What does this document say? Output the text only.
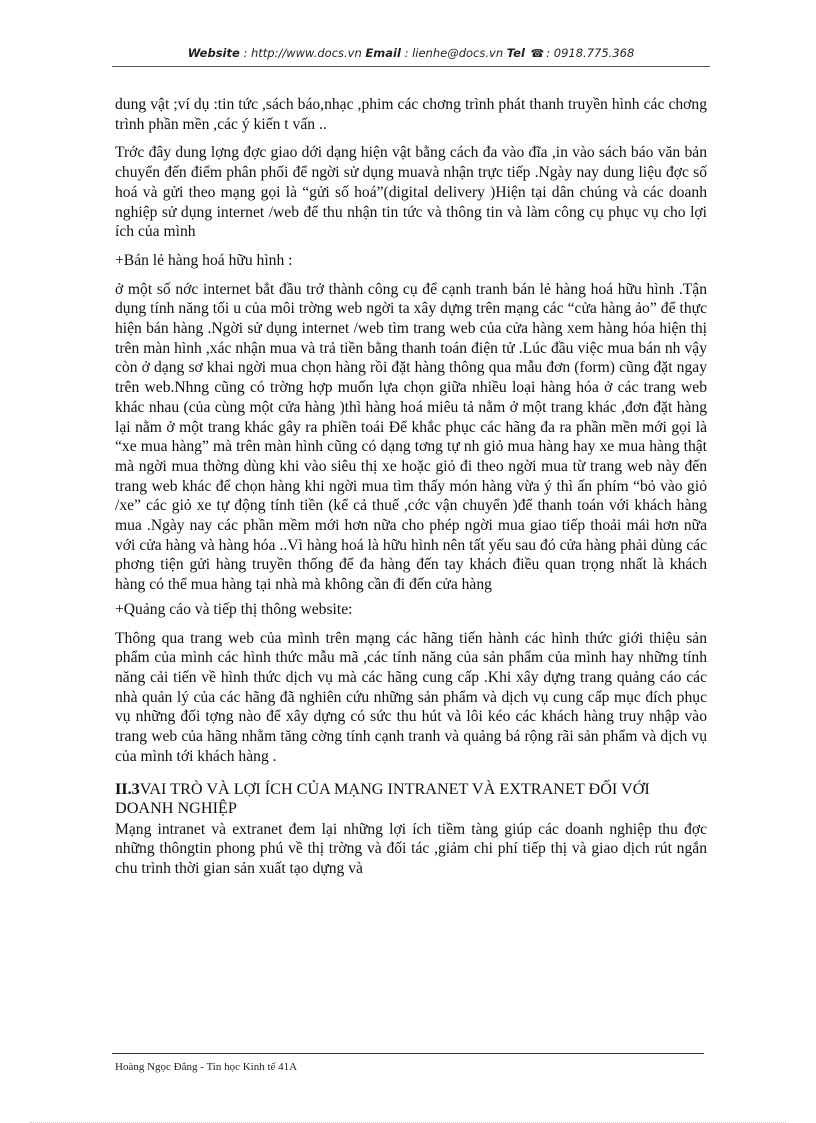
Website : http://www.docs.vn Email : lienhe@docs.vn Tel ☎ : 0918.775.368

dung vật ;ví dụ :tin tức ,sách báo,nhạc ,phim các chơng trình phát thanh truyền hình các chơng trình phần mền ,các ý kiến t vấn ..

Trớc đây dung lợng đợc giao dới dạng hiện vật bằng cách đa vào đĩa ,in vào sách báo văn bản chuyển đến điểm phân phối để ngời sử dụng muavà nhận trực tiếp .Ngày nay dung liệu đợc số hoá và gửi theo mạng gọi là “gửi số hoá”(digital delivery )Hiện tại dân chúng và các doanh nghiệp sử dụng internet /web để thu nhận tin tức và thông tin và làm công cụ phục vụ cho lợi ích của mình

+Bán lẻ hàng hoá hữu hình :

ở một số nớc internet bắt đầu trở thành công cụ để cạnh tranh bán lẻ hàng hoá hữu hình .Tận dụng tính năng tối u của môi trờng web ngời ta xây dựng trên mạng các “cửa hàng ảo” để thực hiện bán hàng .Ngời sử dụng internet /web tìm trang web của cửa hàng xem hàng hóa hiện thị trên màn hình ,xác nhận mua và trả tiền bằng thanh toán điện tử .Lúc đầu việc mua bán nh vậy còn ở dạng sơ khai ngời mua chọn hàng rồi đặt hàng thông qua mẫu đơn (form) cũng đặt ngay trên web.Nhng cũng có trờng hợp muốn lựa chọn giữa nhiều loại hàng hóa ở các trang web khác nhau (của cùng một cửa hàng )thì hàng hoá miêu tả nằm ở một trang khác ,đơn đặt hàng lại nằm ở một trang khác gây ra phiền toái Để khắc phục các hãng đa ra phần mền mới gọi là “xe mua hàng” mà trên màn hình cũng có dạng tơng tự nh giỏ mua hàng hay xe mua hàng thật mà ngời mua thờng dùng khi vào siêu thị xe hoặc giỏ đi theo ngời mua từ trang web này đến trang web khác để chọn hàng khi ngời mua tìm thấy món hàng vừa ý thì ấn phím “bỏ vào giỏ /xe” các giỏ xe tự động tính tiền (kể cả thuế ,cớc vận chuyển )để thanh toán với khách hàng mua .Ngày nay các phần mềm mới hơn nữa cho phép ngời mua giao tiếp thoải mái hơn nữa với cửa hàng và hàng hóa ..Vì hàng hoá là hữu hình nên tất yếu sau đó cửa hàng phải dùng các phơng tiện gửi hàng truyền thống để đa hàng đến tay khách điều quan trọng nhất là khách hàng có thể mua hàng tại nhà mà không cần đi đến cửa hàng

+Quảng cáo và tiếp thị thông website:

Thông qua trang web của mình trên mạng các hãng tiến hành các hình thức giới thiệu sản phẩm của mình các hình thức mẫu mã ,các tính năng của sản phẩm của mình hay những tính năng cải tiến về hình thức dịch vụ mà các hãng cung cấp .Khi xây dựng trang quảng cáo các nhà quản lý của các hãng đã nghiên cứu những sản phẩm và dịch vụ cung cấp mục đích phục vụ những đối tợng nào để xây dựng có sức thu hút và lôi kéo các khách hàng truy nhập vào trang web của hãng nhằm tăng cờng tính cạnh tranh và quảng bá rộng rãi sản phẩm và dịch vụ của mình tới khách hàng .

II.3VAI TRÒ VÀ LỢI ÍCH CỦA MẠNG INTRANET VÀ EXTRANET ĐỐI VỚI DOANH NGHIỆP

Mạng intranet và extranet đem lại những lợi ích tiềm tàng giúp các doanh nghiệp thu đợc những thôngtin phong phú về thị trờng và đối tác ,giảm chi phí tiếp thị và giao dịch rút ngắn chu trình thời gian sản xuất tạo dựng và

Hoàng Ngọc Đẳng - Tin học Kinh tế 41A
